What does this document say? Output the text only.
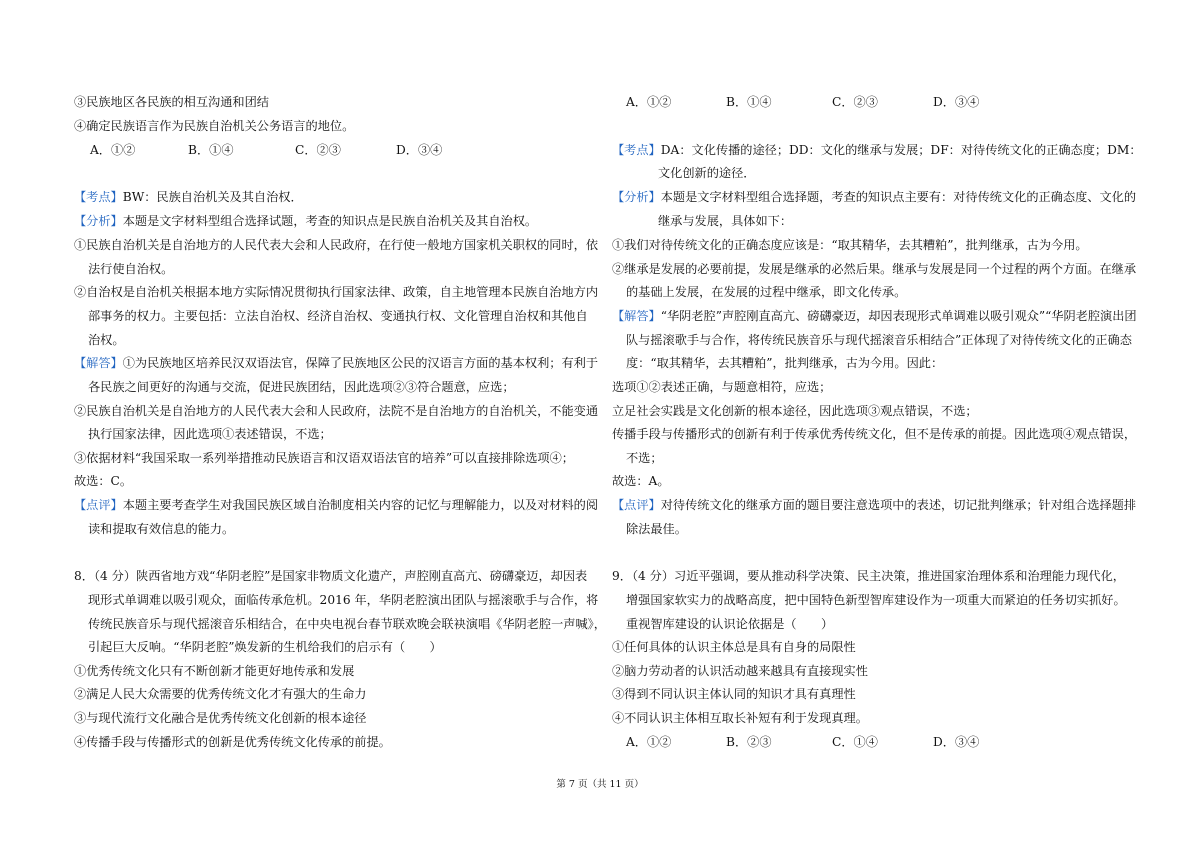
③民族地区各民族的相互沟通和团结
④确定民族语言作为民族自治机关公务语言的地位。
A．①②	B．①④	C．②③	D．③④
【考点】BW：民族自治机关及其自治权．
【分析】本题是文字材料型组合选择试题，考查的知识点是民族自治机关及其自治权。
①民族自治机关是自治地方的人民代表大会和人民政府，在行使一般地方国家机关职权的同时，依
法行使自治权。
②自治权是自治机关根据本地方实际情况贯彻执行国家法律、政策，自主地管理本民族自治地方内
部事务的权力。主要包括：立法自治权、经济自治权、变通执行权、文化管理自治权和其他自
治权。
【解答】①为民族地区培养民汉双语法官，保障了民族地区公民的汉语言方面的基本权利；有利于
各民族之间更好的沟通与交流，促进民族团结，因此选项②③符合题意，应选；
②民族自治机关是自治地方的人民代表大会和人民政府，法院不是自治地方的自治机关，不能变通
执行国家法律，因此选项①表述错误，不选；
③依据材料“我国采取一系列举措推动民族语言和汉语双语法官的培养”可以直接排除选项④；
故选：C。
【点评】本题主要考查学生对我国民族区域自治制度相关内容的记忆与理解能力，以及对材料的阅
读和提取有效信息的能力。
8．（4 分）陕西省地方戏“华阴老腔”是国家非物质文化遗产，声腔刚直高亢、磅礴豪迈，却因表
现形式单调难以吸引观众，面临传承危机。2016 年，华阴老腔演出团队与摇滚歌手与合作，将
传统民族音乐与现代摇滚音乐相结合，在中央电视台春节联欢晚会联袂演唱《华阴老腔一声喊》，
引起巨大反响。“华阴老腔”焕发新的生机给我们的启示有（　　）
①优秀传统文化只有不断创新才能更好地传承和发展
②满足人民大众需要的优秀传统文化才有强大的生命力
③与现代流行文化融合是优秀传统文化创新的根本途径
④传播手段与传播形式的创新是优秀传统文化传承的前提。
A．①②	B．①④	C．②③	D．③④
【考点】DA：文化传播的途径；DD：文化的继承与发展；DF：对待传统文化的正确态度；DM：
文化创新的途径．
【分析】本题是文字材料型组合选择题，考查的知识点主要有：对待传统文化的正确态度、文化的
继承与发展，具体如下：
①我们对待传统文化的正确态度应该是：“取其精华，去其糟粕”，批判继承，古为今用。
②继承是发展的必要前提，发展是继承的必然后果。继承与发展是同一个过程的两个方面。在继承
的基础上发展，在发展的过程中继承，即文化传承。
【解答】“华阴老腔”声腔刚直高亢、磅礴豪迈，却因表现形式单调难以吸引观众”“华阴老腔演出团
队与摇滚歌手与合作，将传统民族音乐与现代摇滚音乐相结合”正体现了对待传统文化的正确态
度：“取其精华，去其糟粕”，批判继承，古为今用。因此：
选项①②表述正确，与题意相符，应选；
立足社会实践是文化创新的根本途径，因此选项③观点错误，不选；
传播手段与传播形式的创新有利于传承优秀传统文化，但不是传承的前提。因此选项④观点错误，
不选；
故选：A。
【点评】对待传统文化的继承方面的题目要注意选项中的表述，切记批判继承；针对组合选择题排
除法最佳。
9．（4 分）习近平强调，要从推动科学决策、民主决策，推进国家治理体系和治理能力现代化，
增强国家软实力的战略高度，把中国特色新型智库建设作为一项重大而紧迫的任务切实抓好。
重视智库建设的认识论依据是（　　）
①任何具体的认识主体总是具有自身的局限性
②脑力劳动者的认识活动越来越具有直接现实性
③得到不同认识主体认同的知识才具有真理性
④不同认识主体相互取长补短有利于发现真理。
A．①②	B．②③	C．①④	D．③④
第 7 页（共 11 页）
